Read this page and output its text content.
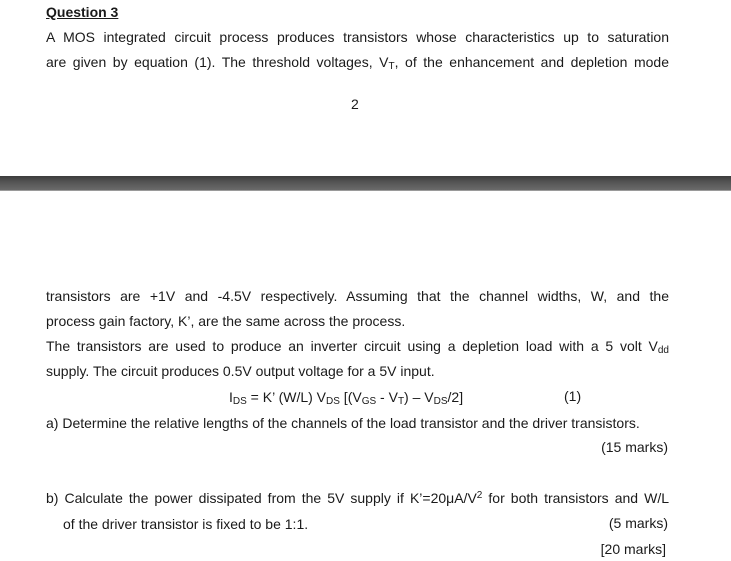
Question 3
A MOS integrated circuit process produces transistors whose characteristics up to saturation
are given by equation (1). The threshold voltages, $V_T$, of the enhancement and depletion mode
2
transistors are +1V and -4.5V respectively. Assuming that the channel widths, W, and the
process gain factory, K’, are the same across the process.
The transistors are used to produce an inverter circuit using a depletion load with a 5 volt $V_{dd}$
supply. The circuit produces 0.5V output voltage for a 5V input.
$I_{DS} = K$’ (W/L) $V_{DS}$ $[(V_{GS} - V_T) - V_{DS}/2]$	(1)
a) Determine the relative lengths of the channels of the load transistor and the driver transistors.
(15 marks)
b) Calculate the power dissipated from the 5V supply if $K’=20\mu A/V^2$ for both transistors and W/L
of the driver transistor is fixed to be 1:1.	(5 marks)
[20 marks]
